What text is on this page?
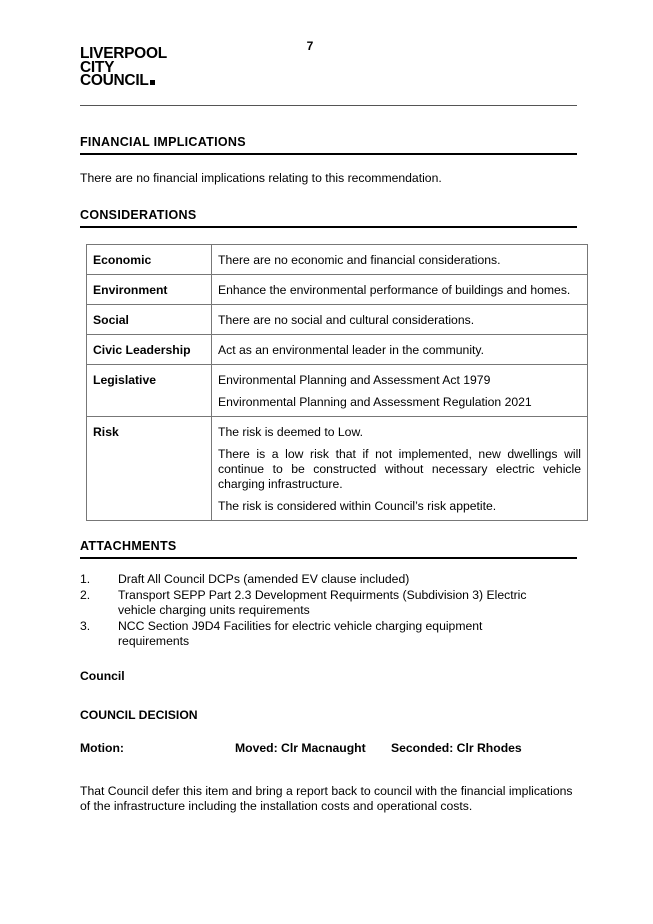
7
LIVERPOOL
CITY
COUNCIL
FINANCIAL IMPLICATIONS
There are no financial implications relating to this recommendation.
CONSIDERATIONS
Economic	There are no economic and financial considerations.

Environment	Enhance the environmental performance of buildings and homes.

Social	There are no social and cultural considerations.

Civic Leadership	Act as an environmental leader in the community.

Legislative	Environmental Planning and Assessment Act 1979

Environmental Planning and Assessment Regulation 2021

Risk	The risk is deemed to Low.

There is a low risk that if not implemented, new dwellings will continue to be constructed without necessary electric vehicle charging infrastructure.

The risk is considered within Council’s risk appetite.

ATTACHMENTS
1. Draft All Council DCPs (amended EV clause included)
2. Transport SEPP Part 2.3 Development Requirments (Subdivision 3) Electric vehicle charging units requirements
3. NCC Section J9D4 Facilities for electric vehicle charging equipment requirements
Council
COUNCIL DECISION
Motion:	Moved: Clr Macnaught Seconded: Clr Rhodes
That Council defer this item and bring a report back to council with the financial implications of the infrastructure including the installation costs and operational costs.
